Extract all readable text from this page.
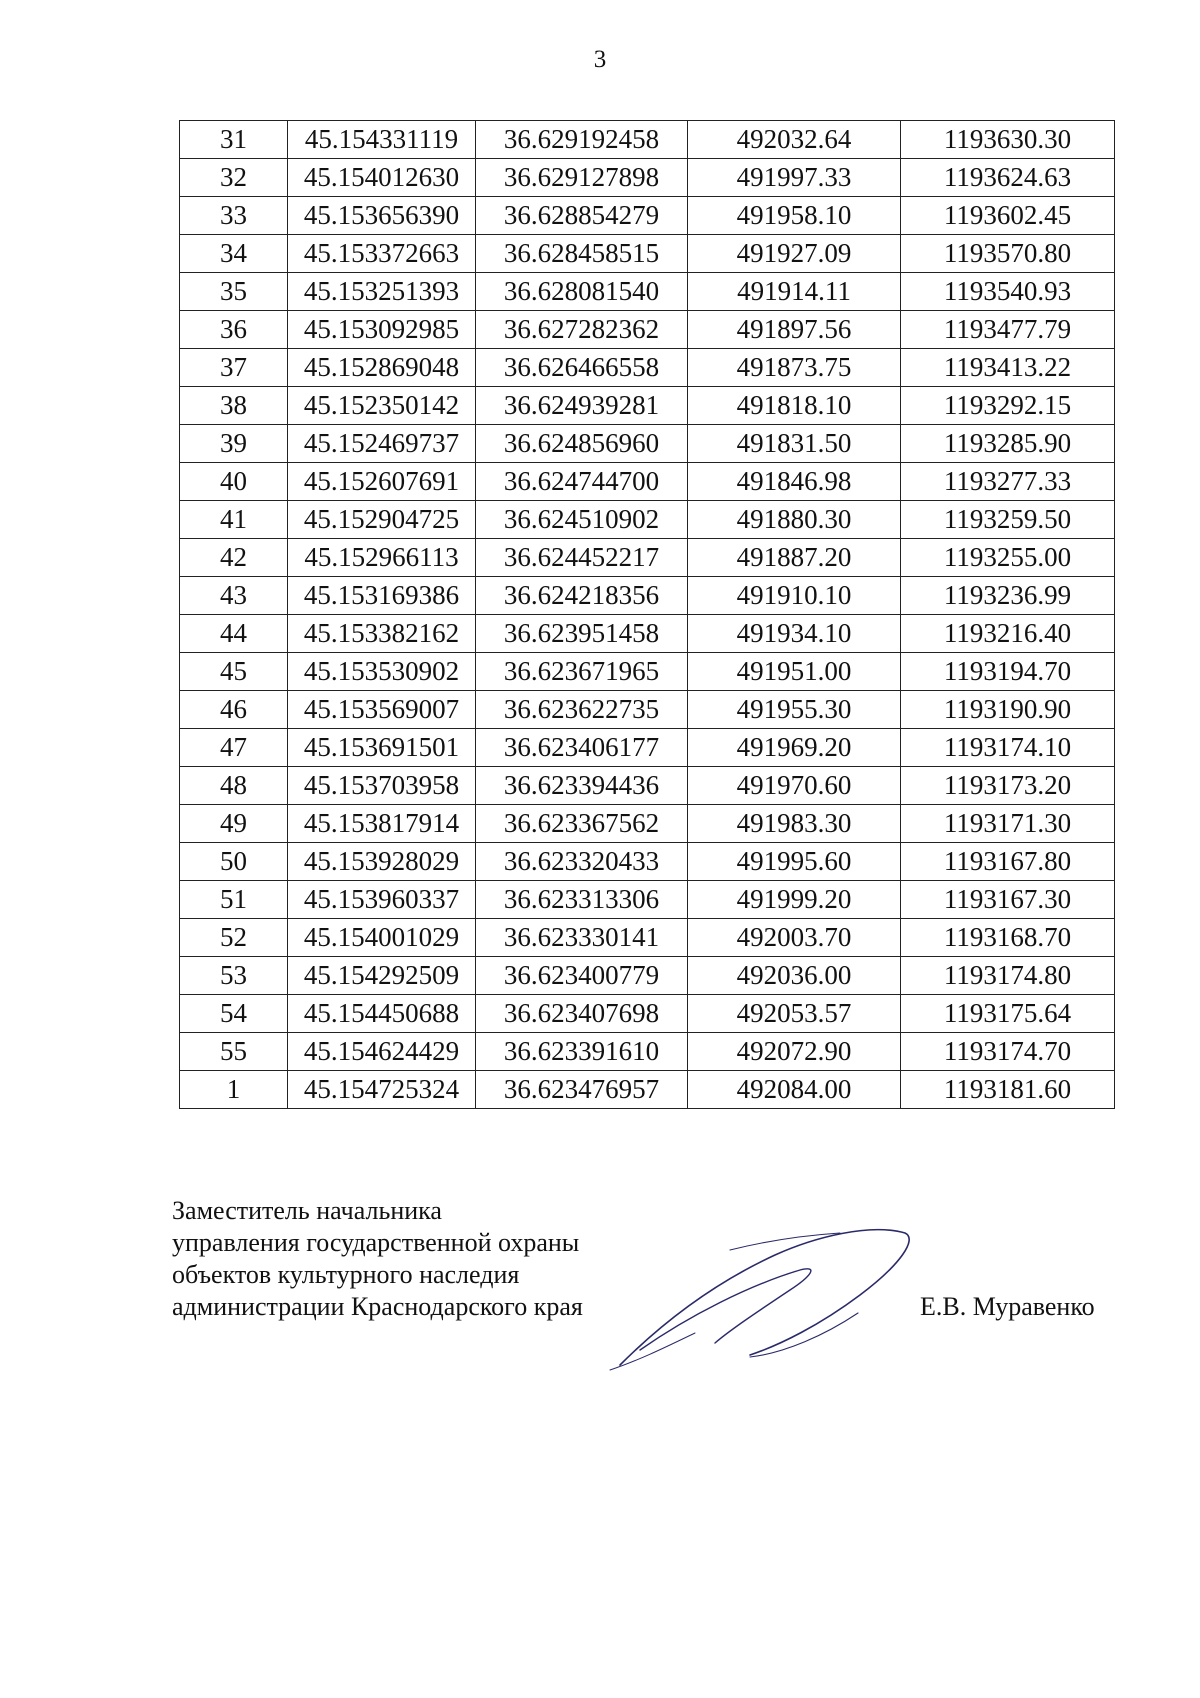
3
31	45.154331119	36.629192458	492032.64	1193630.30
32	45.154012630	36.629127898	491997.33	1193624.63
33	45.153656390	36.628854279	491958.10	1193602.45
34	45.153372663	36.628458515	491927.09	1193570.80
35	45.153251393	36.628081540	491914.11	1193540.93
36	45.153092985	36.627282362	491897.56	1193477.79
37	45.152869048	36.626466558	491873.75	1193413.22
38	45.152350142	36.624939281	491818.10	1193292.15
39	45.152469737	36.624856960	491831.50	1193285.90
40	45.152607691	36.624744700	491846.98	1193277.33
41	45.152904725	36.624510902	491880.30	1193259.50
42	45.152966113	36.624452217	491887.20	1193255.00
43	45.153169386	36.624218356	491910.10	1193236.99
44	45.153382162	36.623951458	491934.10	1193216.40
45	45.153530902	36.623671965	491951.00	1193194.70
46	45.153569007	36.623622735	491955.30	1193190.90
47	45.153691501	36.623406177	491969.20	1193174.10
48	45.153703958	36.623394436	491970.60	1193173.20
49	45.153817914	36.623367562	491983.30	1193171.30
50	45.153928029	36.623320433	491995.60	1193167.80
51	45.153960337	36.623313306	491999.20	1193167.30
52	45.154001029	36.623330141	492003.70	1193168.70
53	45.154292509	36.623400779	492036.00	1193174.80
54	45.154450688	36.623407698	492053.57	1193175.64
55	45.154624429	36.623391610	492072.90	1193174.70
1	45.154725324	36.623476957	492084.00	1193181.60
Заместитель начальника
управления государственной охраны
объектов культурного наследия
администрации Краснодарского края	Е.В. Муравенко
